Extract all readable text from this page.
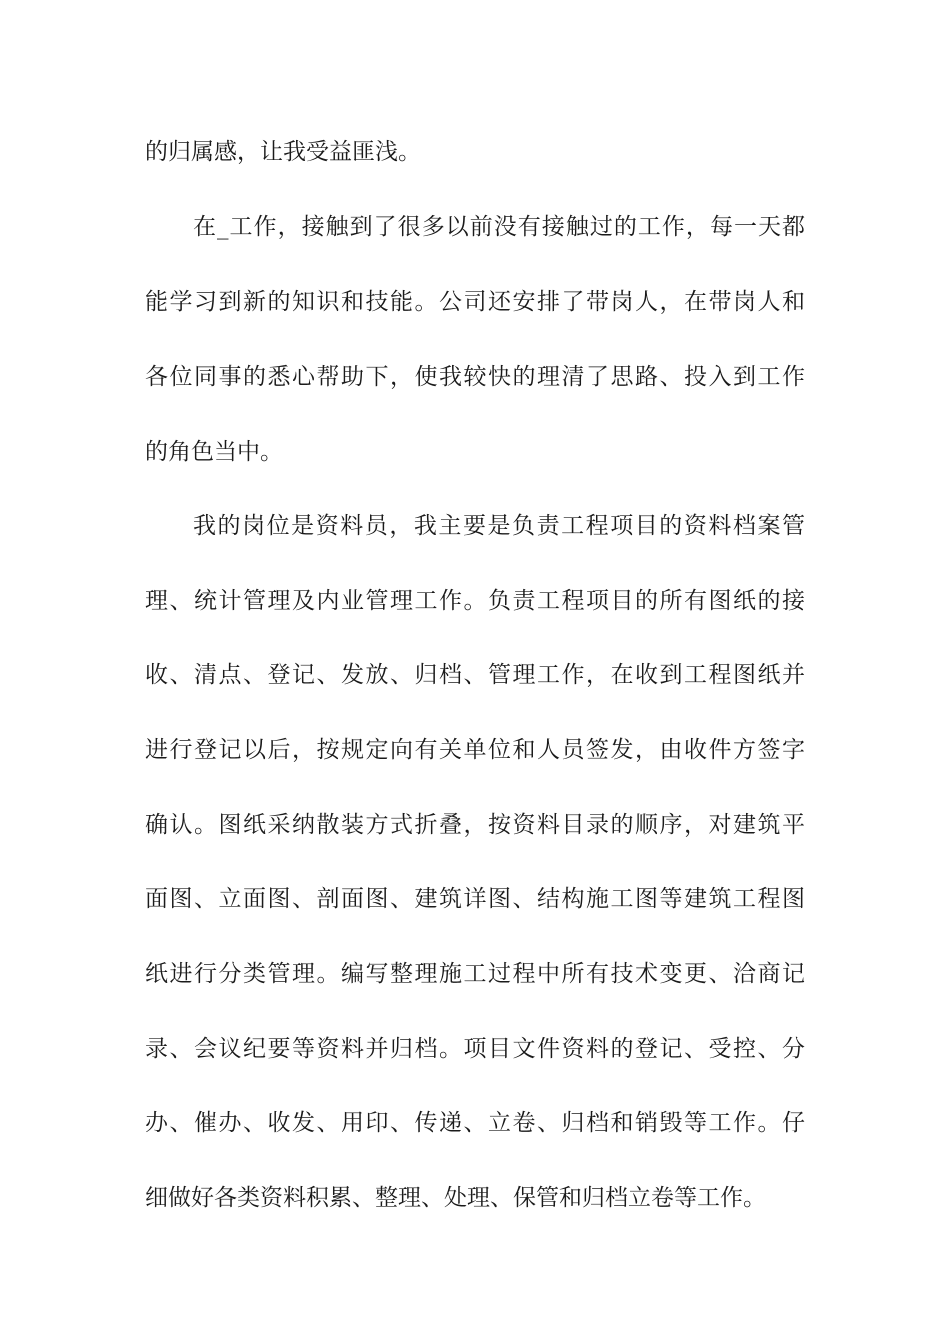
的归属感，让我受益匪浅。
在_工作，接触到了很多以前没有接触过的工作，每一天都
能学习到新的知识和技能。公司还安排了带岗人，在带岗人和
各位同事的悉心帮助下，使我较快的理清了思路、投入到工作
的角色当中。
我的岗位是资料员，我主要是负责工程项目的资料档案管
理、统计管理及内业管理工作。负责工程项目的所有图纸的接
收、清点、登记、发放、归档、管理工作，在收到工程图纸并
进行登记以后，按规定向有关单位和人员签发，由收件方签字
确认。图纸采纳散装方式折叠，按资料目录的顺序，对建筑平
面图、立面图、剖面图、建筑详图、结构施工图等建筑工程图
纸进行分类管理。编写整理施工过程中所有技术变更、洽商记
录、会议纪要等资料并归档。项目文件资料的登记、受控、分
办、催办、收发、用印、传递、立卷、归档和销毁等工作。仔
细做好各类资料积累、整理、处理、保管和归档立卷等工作。
